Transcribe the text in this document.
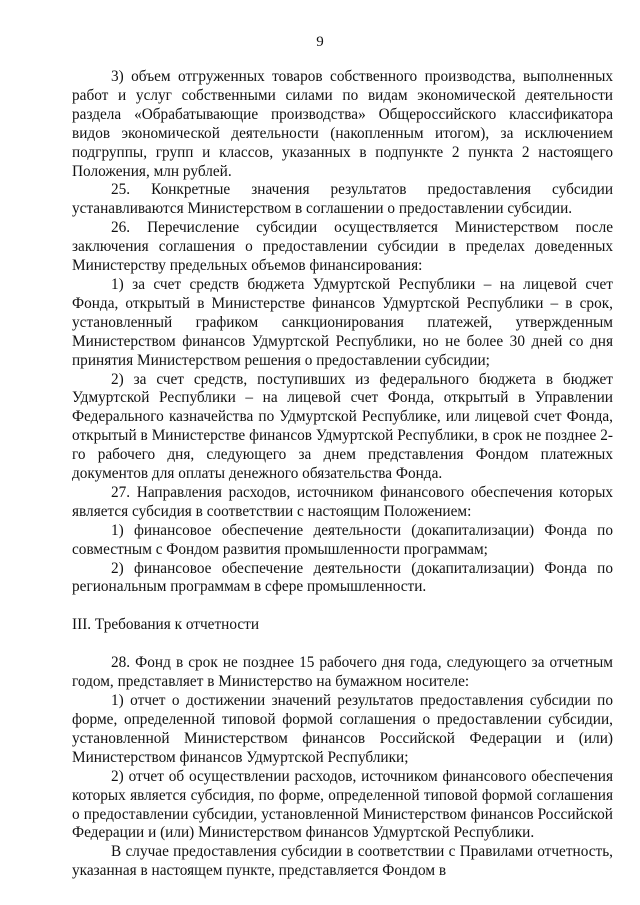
9

3) объем отгруженных товаров собственного производства, выполненных работ и услуг собственными силами по видам экономической деятельности раздела «Обрабатывающие производства» Общероссийского классификатора видов экономической деятельности (накопленным итогом), за исключением подгруппы, групп и классов, указанных в подпункте 2 пункта 2 настоящего Положения, млн рублей.

25. Конкретные значения результатов предоставления субсидии устанавливаются Министерством в соглашении о предоставлении субсидии.

26. Перечисление субсидии осуществляется Министерством после заключения соглашения о предоставлении субсидии в пределах доведенных Министерству предельных объемов финансирования:

1) за счет средств бюджета Удмуртской Республики – на лицевой счет Фонда, открытый в Министерстве финансов Удмуртской Республики – в срок, установленный графиком санкционирования платежей, утвержденным Министерством финансов Удмуртской Республики, но не более 30 дней со дня принятия Министерством решения о предоставлении субсидии;

2) за счет средств, поступивших из федерального бюджета в бюджет Удмуртской Республики – на лицевой счет Фонда, открытый в Управлении Федерального казначейства по Удмуртской Республике, или лицевой счет Фонда, открытый в Министерстве финансов Удмуртской Республики, в срок не позднее 2-го рабочего дня, следующего за днем представления Фондом платежных документов для оплаты денежного обязательства Фонда.

27. Направления расходов, источником финансового обеспечения которых является субсидия в соответствии с настоящим Положением:

1) финансовое обеспечение деятельности (докапитализации) Фонда по совместным с Фондом развития промышленности программам;

2) финансовое обеспечение деятельности (докапитализации) Фонда по региональным программам в сфере промышленности.

III. Требования к отчетности

28. Фонд в срок не позднее 15 рабочего дня года, следующего за отчетным годом, представляет в Министерство на бумажном носителе:

1) отчет о достижении значений результатов предоставления субсидии по форме, определенной типовой формой соглашения о предоставлении субсидии, установленной Министерством финансов Российской Федерации и (или) Министерством финансов Удмуртской Республики;

2) отчет об осуществлении расходов, источником финансового обеспечения которых является субсидия, по форме, определенной типовой формой соглашения о предоставлении субсидии, установленной Министерством финансов Российской Федерации и (или) Министерством финансов Удмуртской Республики.

В случае предоставления субсидии в соответствии с Правилами отчетность, указанная в настоящем пункте, представляется Фондом в
